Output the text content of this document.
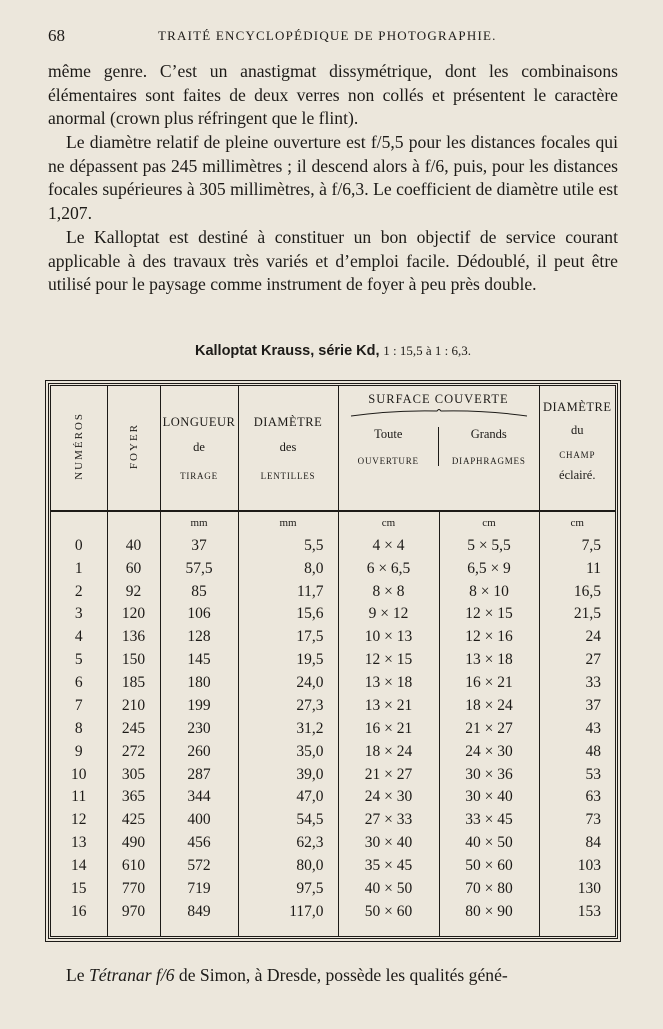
68	TRAITÉ ENCYCLOPÉDIQUE DE PHOTOGRAPHIE.

même genre. C’est un anastigmat dissymétrique, dont les combinaisons élémentaires sont faites de deux verres non collés et présentent le caractère anormal (crown plus réfringent que le flint).

Le diamètre relatif de pleine ouverture est f/5,5 pour les distances focales qui ne dépassent pas 245 millimètres ; il descend alors à f/6, puis, pour les distances focales supérieures à 305 millimètres, à f/6,3. Le coefficient de diamètre utile est 1,207.

Le Kalloptat est destiné à constituer un bon objectif de service courant applicable à des travaux très variés et d’emploi facile. Dédoublé, il peut être utilisé pour le paysage comme instrument de foyer à peu près double.

Kalloptat Krauss, série Kd, 1 : 15,5 à 1 : 6,3.
NUMÉROS	FOYER	
LONGUEUR
de
TIRAGE

DIAMÈTRE
des
LENTILLES

SURFACE COUVERTE
Toute
OUVERTURE

Grands
DIAPHRAGMES

DIAMÈTRE
du
CHAMP
éclairé.

		mm	mm	cm	cm	cm
0	40	37	5,5	4 × 4	5 × 5,5	7,5
1	60	57,5	8,0	6 × 6,5	6,5 × 9	11
2	92	85	11,7	8 × 8	8 × 10	16,5
3	120	106	15,6	9 × 12	12 × 15	21,5
4	136	128	17,5	10 × 13	12 × 16	24
5	150	145	19,5	12 × 15	13 × 18	27
6	185	180	24,0	13 × 18	16 × 21	33
7	210	199	27,3	13 × 21	18 × 24	37
8	245	230	31,2	16 × 21	21 × 27	43
9	272	260	35,0	18 × 24	24 × 30	48
10	305	287	39,0	21 × 27	30 × 36	53
11	365	344	47,0	24 × 30	30 × 40	63
12	425	400	54,5	27 × 33	33 × 45	73
13	490	456	62,3	30 × 40	40 × 50	84
14	610	572	80,0	35 × 45	50 × 60	103
15	770	719	97,5	40 × 50	70 × 80	130
16	970	849	117,0	50 × 60	80 × 90	153

Le Tétranar f/6 de Simon, à Dresde, possède les qualités géné-
